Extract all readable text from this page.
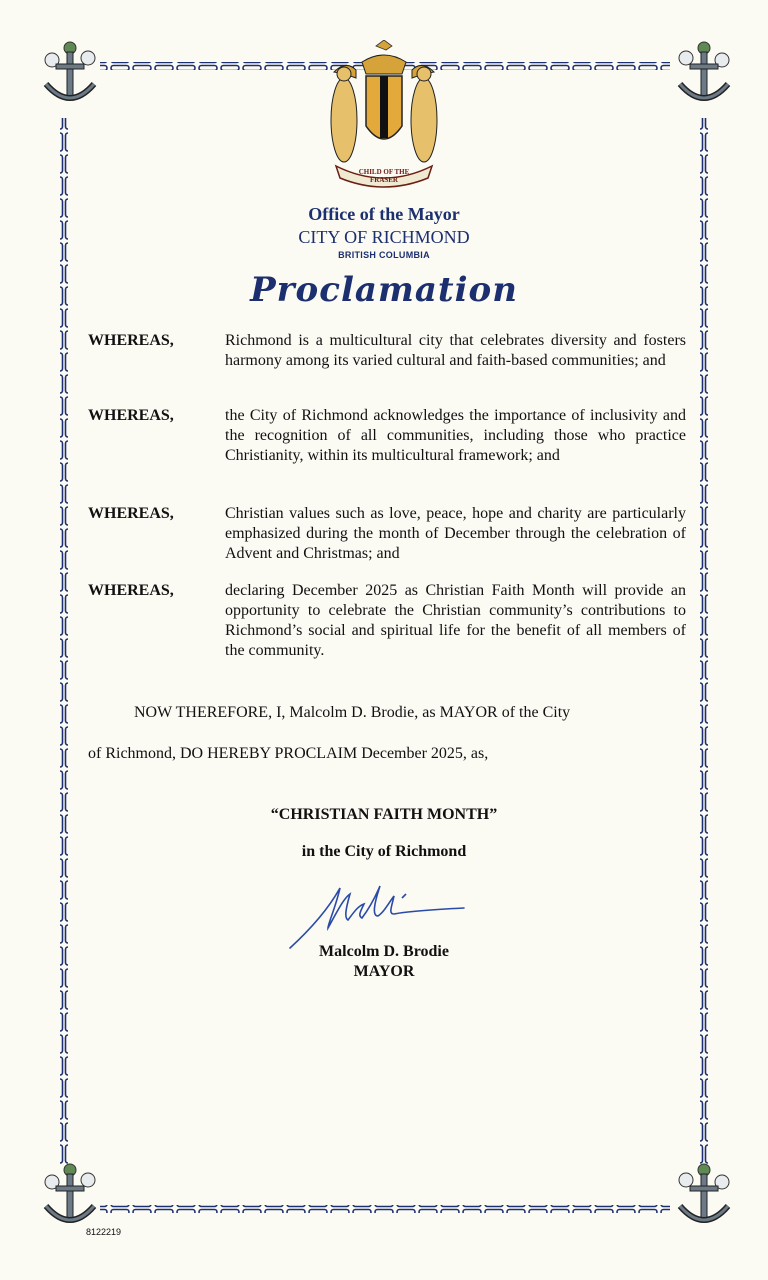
CHILD OF THE FRASER
Office of the Mayor
CITY OF RICHMOND
BRITISH COLUMBIA
Proclamation
WHEREAS,	Richmond is a multicultural city that celebrates diversity and fosters harmony among its varied cultural and faith-based communities; and
WHEREAS,	the City of Richmond acknowledges the importance of inclusivity and the recognition of all communities, including those who practice Christianity, within its multicultural framework; and
WHEREAS,	Christian values such as love, peace, hope and charity are particularly emphasized during the month of December through the celebration of Advent and Christmas; and
WHEREAS,	declaring December 2025 as Christian Faith Month will provide an opportunity to celebrate the Christian community’s contributions to Richmond’s social and spiritual life for the benefit of all members of the community.
NOW THEREFORE, I, Malcolm D. Brodie, as MAYOR of the City
of Richmond, DO HEREBY PROCLAIM December 2025, as,
“CHRISTIAN FAITH MONTH”
in the City of Richmond
Malcolm D. Brodie
MAYOR
8122219
